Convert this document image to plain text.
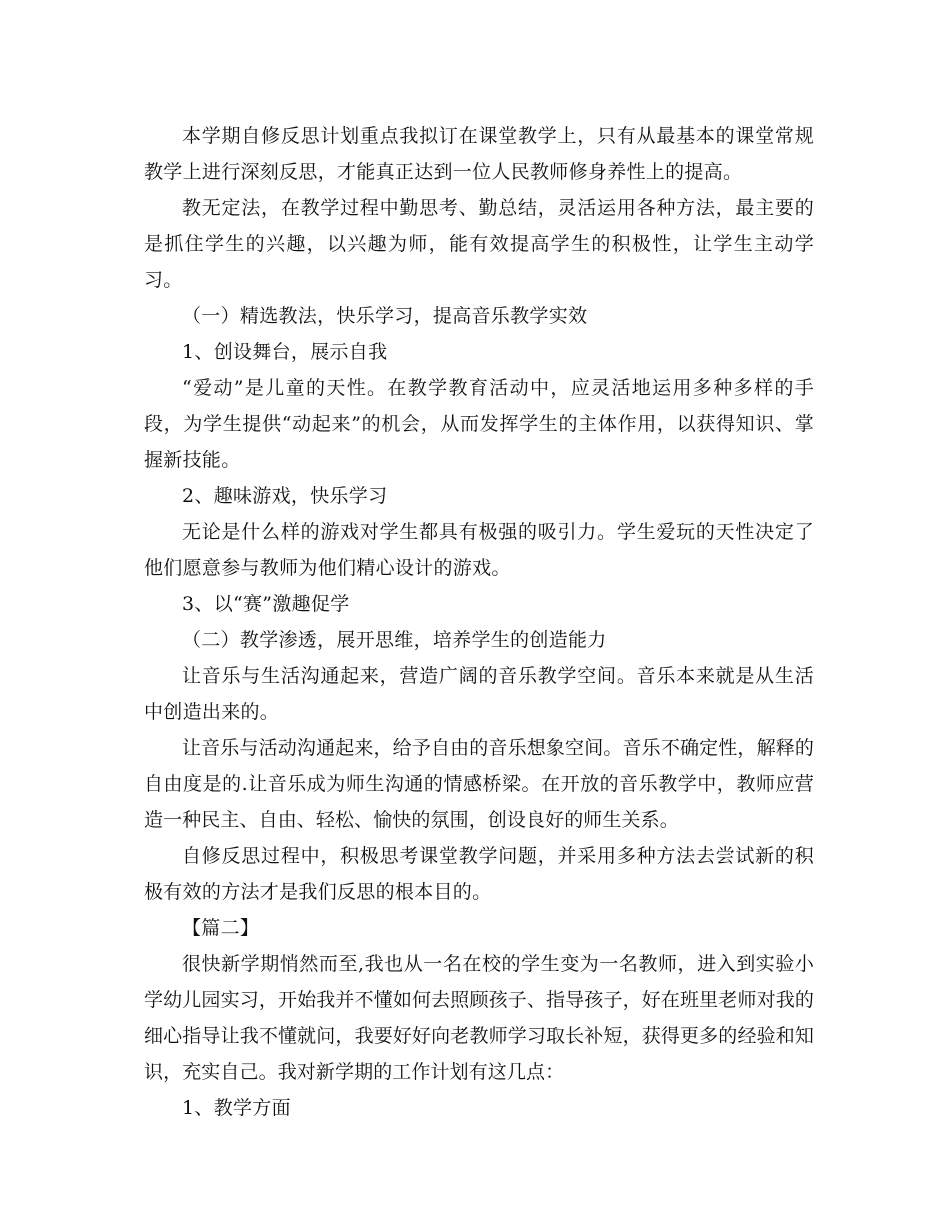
本学期自修反思计划重点我拟订在课堂教学上，只有从最基本的课堂常规教学上进行深刻反思，才能真正达到一位人民教师修身养性上的提高。

教无定法，在教学过程中勤思考、勤总结，灵活运用各种方法，最主要的是抓住学生的兴趣，以兴趣为师，能有效提高学生的积极性，让学生主动学习。

（一）精选教法，快乐学习，提高音乐教学实效

1、创设舞台，展示自我

“爱动”是儿童的天性。在教学教育活动中，应灵活地运用多种多样的手段，为学生提供“动起来”的机会，从而发挥学生的主体作用，以获得知识、掌握新技能。

2、趣味游戏，快乐学习

无论是什么样的游戏对学生都具有极强的吸引力。学生爱玩的天性决定了他们愿意参与教师为他们精心设计的游戏。

3、以“赛”激趣促学

（二）教学渗透，展开思维，培养学生的创造能力

让音乐与生活沟通起来，营造广阔的音乐教学空间。音乐本来就是从生活中创造出来的。

让音乐与活动沟通起来，给予自由的音乐想象空间。音乐不确定性，解释的自由度是的.让音乐成为师生沟通的情感桥梁。在开放的音乐教学中，教师应营造一种民主、自由、轻松、愉快的氛围，创设良好的师生关系。

自修反思过程中，积极思考课堂教学问题，并采用多种方法去尝试新的积极有效的方法才是我们反思的根本目的。

【篇二】

很快新学期悄然而至,我也从一名在校的学生变为一名教师，进入到实验小学幼儿园实习，开始我并不懂如何去照顾孩子、指导孩子，好在班里老师对我的细心指导让我不懂就问，我要好好向老教师学习取长补短，获得更多的经验和知识，充实自己。我对新学期的工作计划有这几点：

1、教学方面
